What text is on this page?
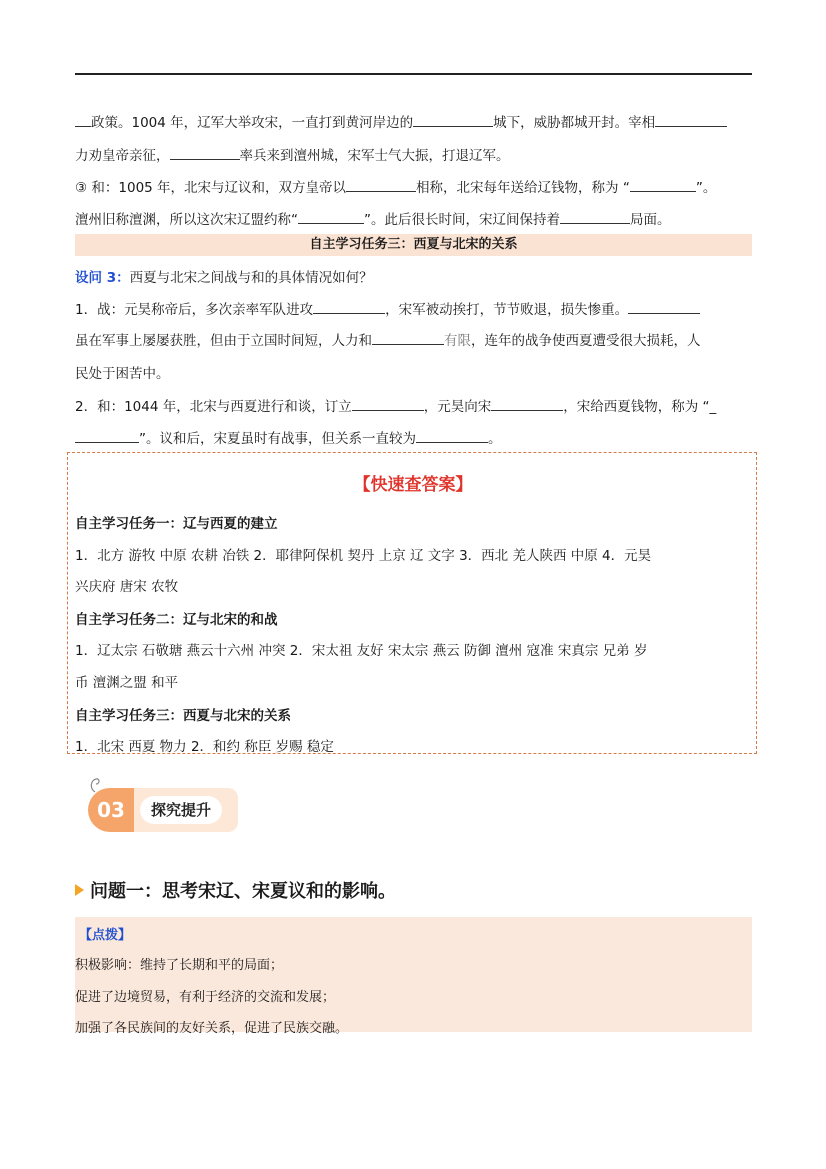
政策。1004 年，辽军大举攻宋，一直打到黄河岸边的	城下，威胁都城开封。宰相
力劝皇帝亲征，	率兵来到澶州城，宋军士气大振，打退辽军。
③ 和：1005 年，北宋与辽议和，双方皇帝以	相称，北宋每年送给辽钱物，称为 “	”。
澶州旧称澶渊，所以这次宋辽盟约称“	”。此后很长时间，宋辽间保持着	局面。
自主学习任务三：西夏与北宋的关系
设问 3：西夏与北宋之间战与和的具体情况如何？
1．战：元昊称帝后，多次亲率军队进攻	，宋军被动挨打，节节败退，损失惨重。
虽在军事上屡屡获胜，但由于立国时间短，人力和	有限，连年的战争使西夏遭受很大损耗，人
民处于困苦中。
2．和：1044 年，北宋与西夏进行和谈，订立	，元昊向宋	，宋给西夏钱物，称为 “_
”。议和后，宋夏虽时有战事，但关系一直较为	。
【快速查答案】
自主学习任务一：辽与西夏的建立
1．北方 游牧 中原 农耕 冶铁 2．耶律阿保机 契丹 上京 辽 文字 3．西北 羌人陕西 中原 4．元昊
兴庆府 唐宋 农牧
自主学习任务二：辽与北宋的和战
1．辽太宗 石敬瑭 燕云十六州 冲突 2．宋太祖 友好 宋太宗 燕云 防御 澶州 寇准 宋真宗 兄弟 岁
币 澶渊之盟 和平
自主学习任务三：西夏与北宋的关系
1．北宋 西夏 物力 2．和约 称臣 岁赐 稳定
03	探究提升
问题一：思考宋辽、宋夏议和的影响。
【点拨】
积极影响：维持了长期和平的局面；
促进了边境贸易，有利于经济的交流和发展；
加强了各民族间的友好关系，促进了民族交融。
